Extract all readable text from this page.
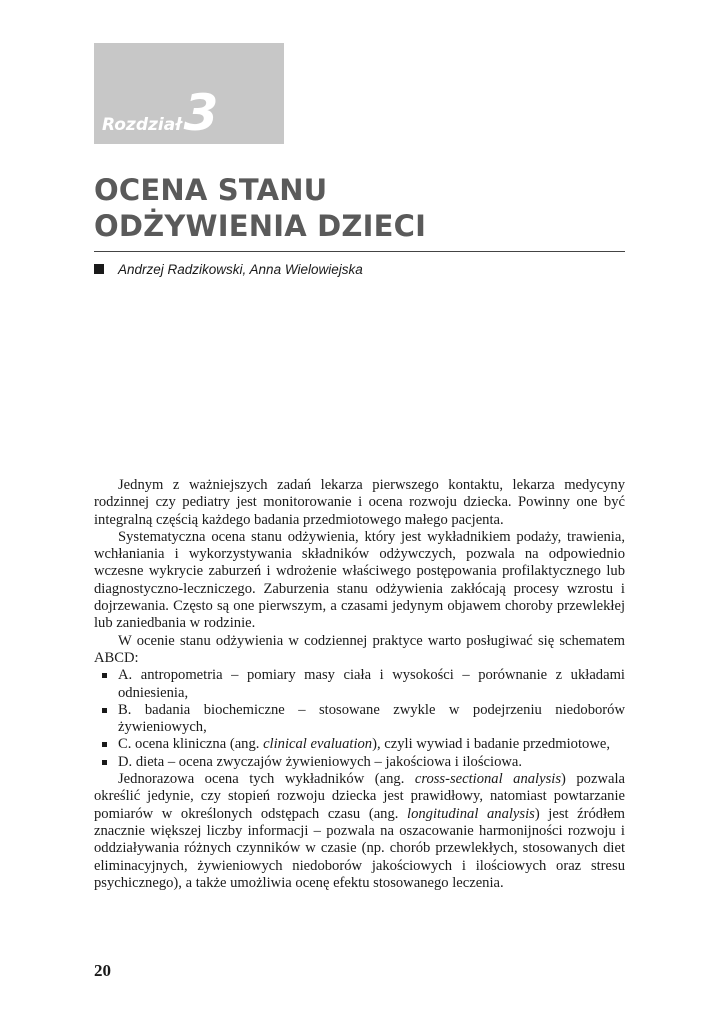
Rozdział3
OCENA STANU
ODŻYWIENIA DZIECI
Andrzej Radzikowski, Anna Wielowiejska

Jednym z ważniejszych zadań lekarza pierwszego kontaktu, lekarza medycyny rodzinnej czy pediatry jest monitorowanie i ocena rozwoju dziecka. Powinny one być integralną częścią każdego badania przedmiotowego małego pacjenta.

Systematyczna ocena stanu odżywienia, który jest wykładnikiem podaży, trawienia, wchłaniania i wykorzystywania składników odżywczych, pozwala na odpowiednio wczesne wykrycie zaburzeń i wdrożenie właściwego postępowania profilaktycznego lub diagnostyczno-leczniczego. Zaburzenia stanu odżywienia zakłócają procesy wzrostu i dojrzewania. Często są one pierwszym, a czasami jedynym objawem choroby przewlekłej lub zaniedbania w rodzinie.

W ocenie stanu odżywienia w codziennej praktyce warto posługiwać się schematem ABCD:

A. antropometria – pomiary masy ciała i wysokości – porównanie z układami odniesienia,
B. badania biochemiczne – stosowane zwykle w podejrzeniu niedoborów żywieniowych,
C. ocena kliniczna (ang. clinical evaluation), czyli wywiad i badanie przedmiotowe,
D. dieta – ocena zwyczajów żywieniowych – jakościowa i ilościowa.

Jednorazowa ocena tych wykładników (ang. cross-sectional analysis) pozwala określić jedynie, czy stopień rozwoju dziecka jest prawidłowy, natomiast powtarzanie pomiarów w określonych odstępach czasu (ang. longitudinal analysis) jest źródłem znacznie większej liczby informacji – pozwala na oszacowanie harmonijności rozwoju i oddziaływania różnych czynników w czasie (np. chorób przewlekłych, stosowanych diet eliminacyjnych, żywieniowych niedoborów jakościowych i ilościowych oraz stresu psychicznego), a także umożliwia ocenę efektu stosowanego leczenia.

20
